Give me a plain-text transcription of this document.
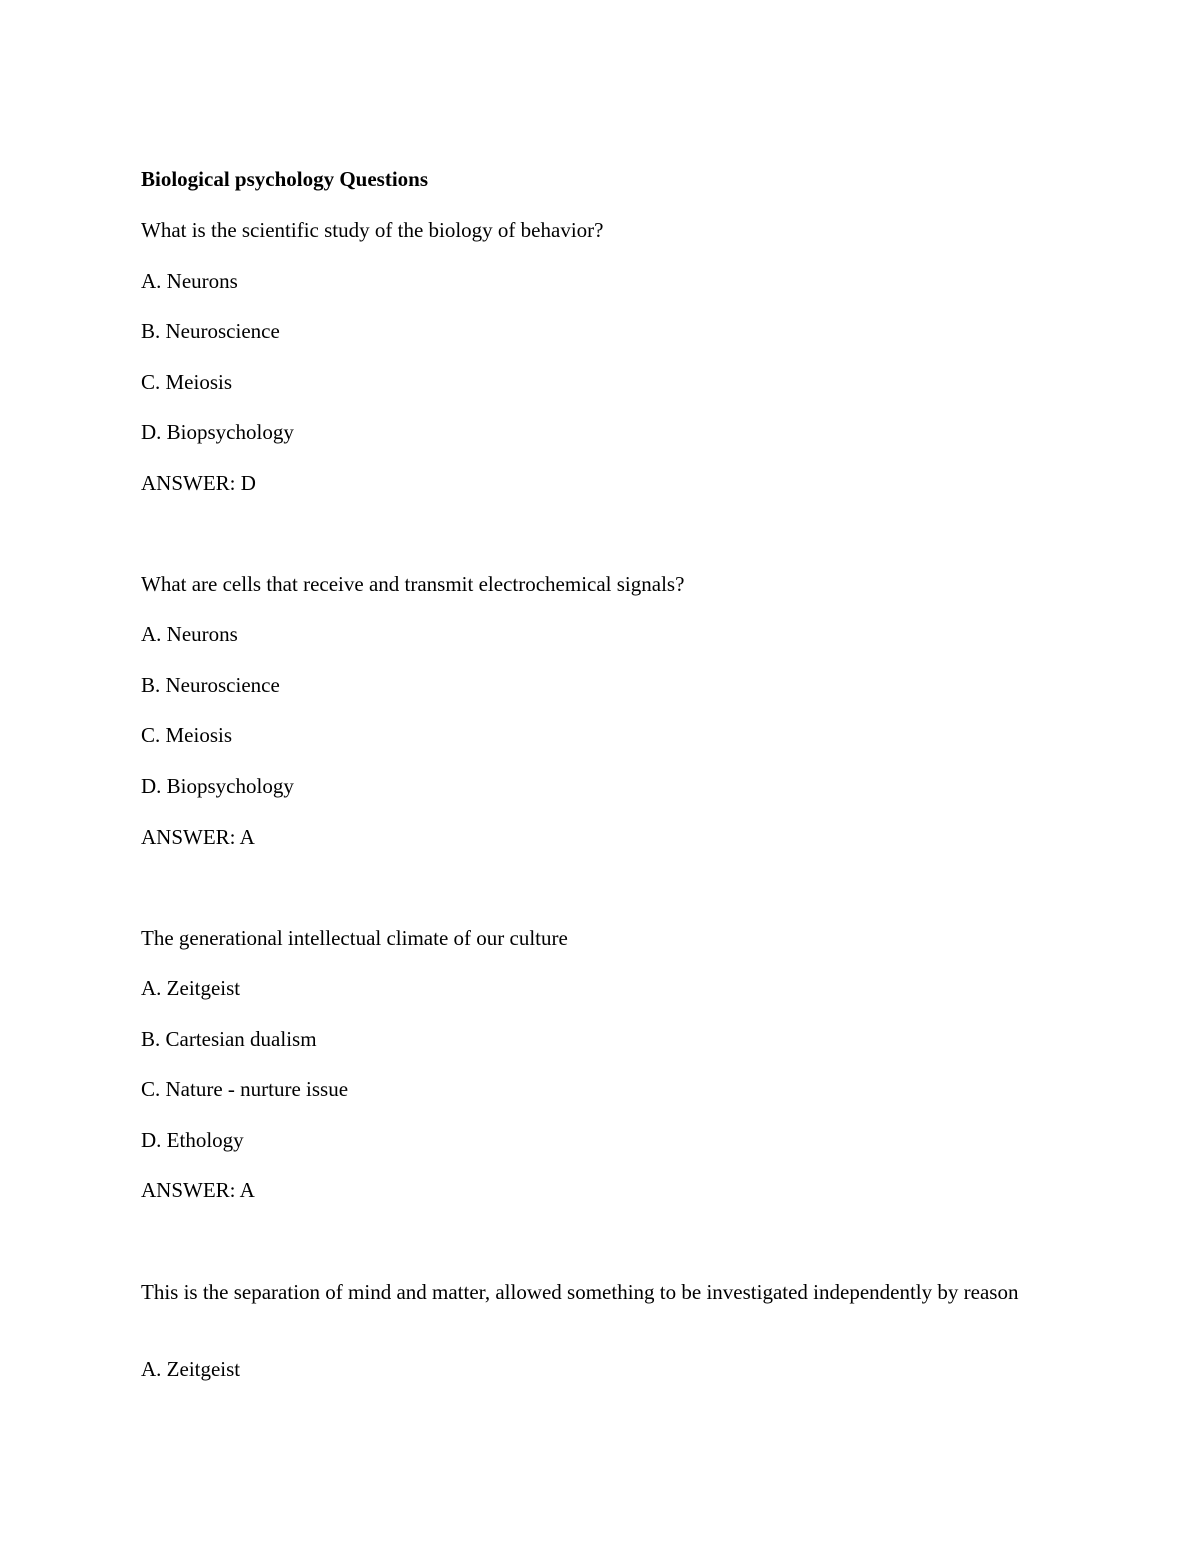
Biological psychology Questions
What is the scientific study of the biology of behavior?
A. Neurons
B. Neuroscience
C. Meiosis
D. Biopsychology
ANSWER: D
What are cells that receive and transmit electrochemical signals?
A. Neurons
B. Neuroscience
C. Meiosis
D. Biopsychology
ANSWER: A
The generational intellectual climate of our culture
A. Zeitgeist
B. Cartesian dualism
C. Nature - nurture issue
D. Ethology
ANSWER: A
This is the separation of mind and matter, allowed something to be investigated independently by reason
A. Zeitgeist
